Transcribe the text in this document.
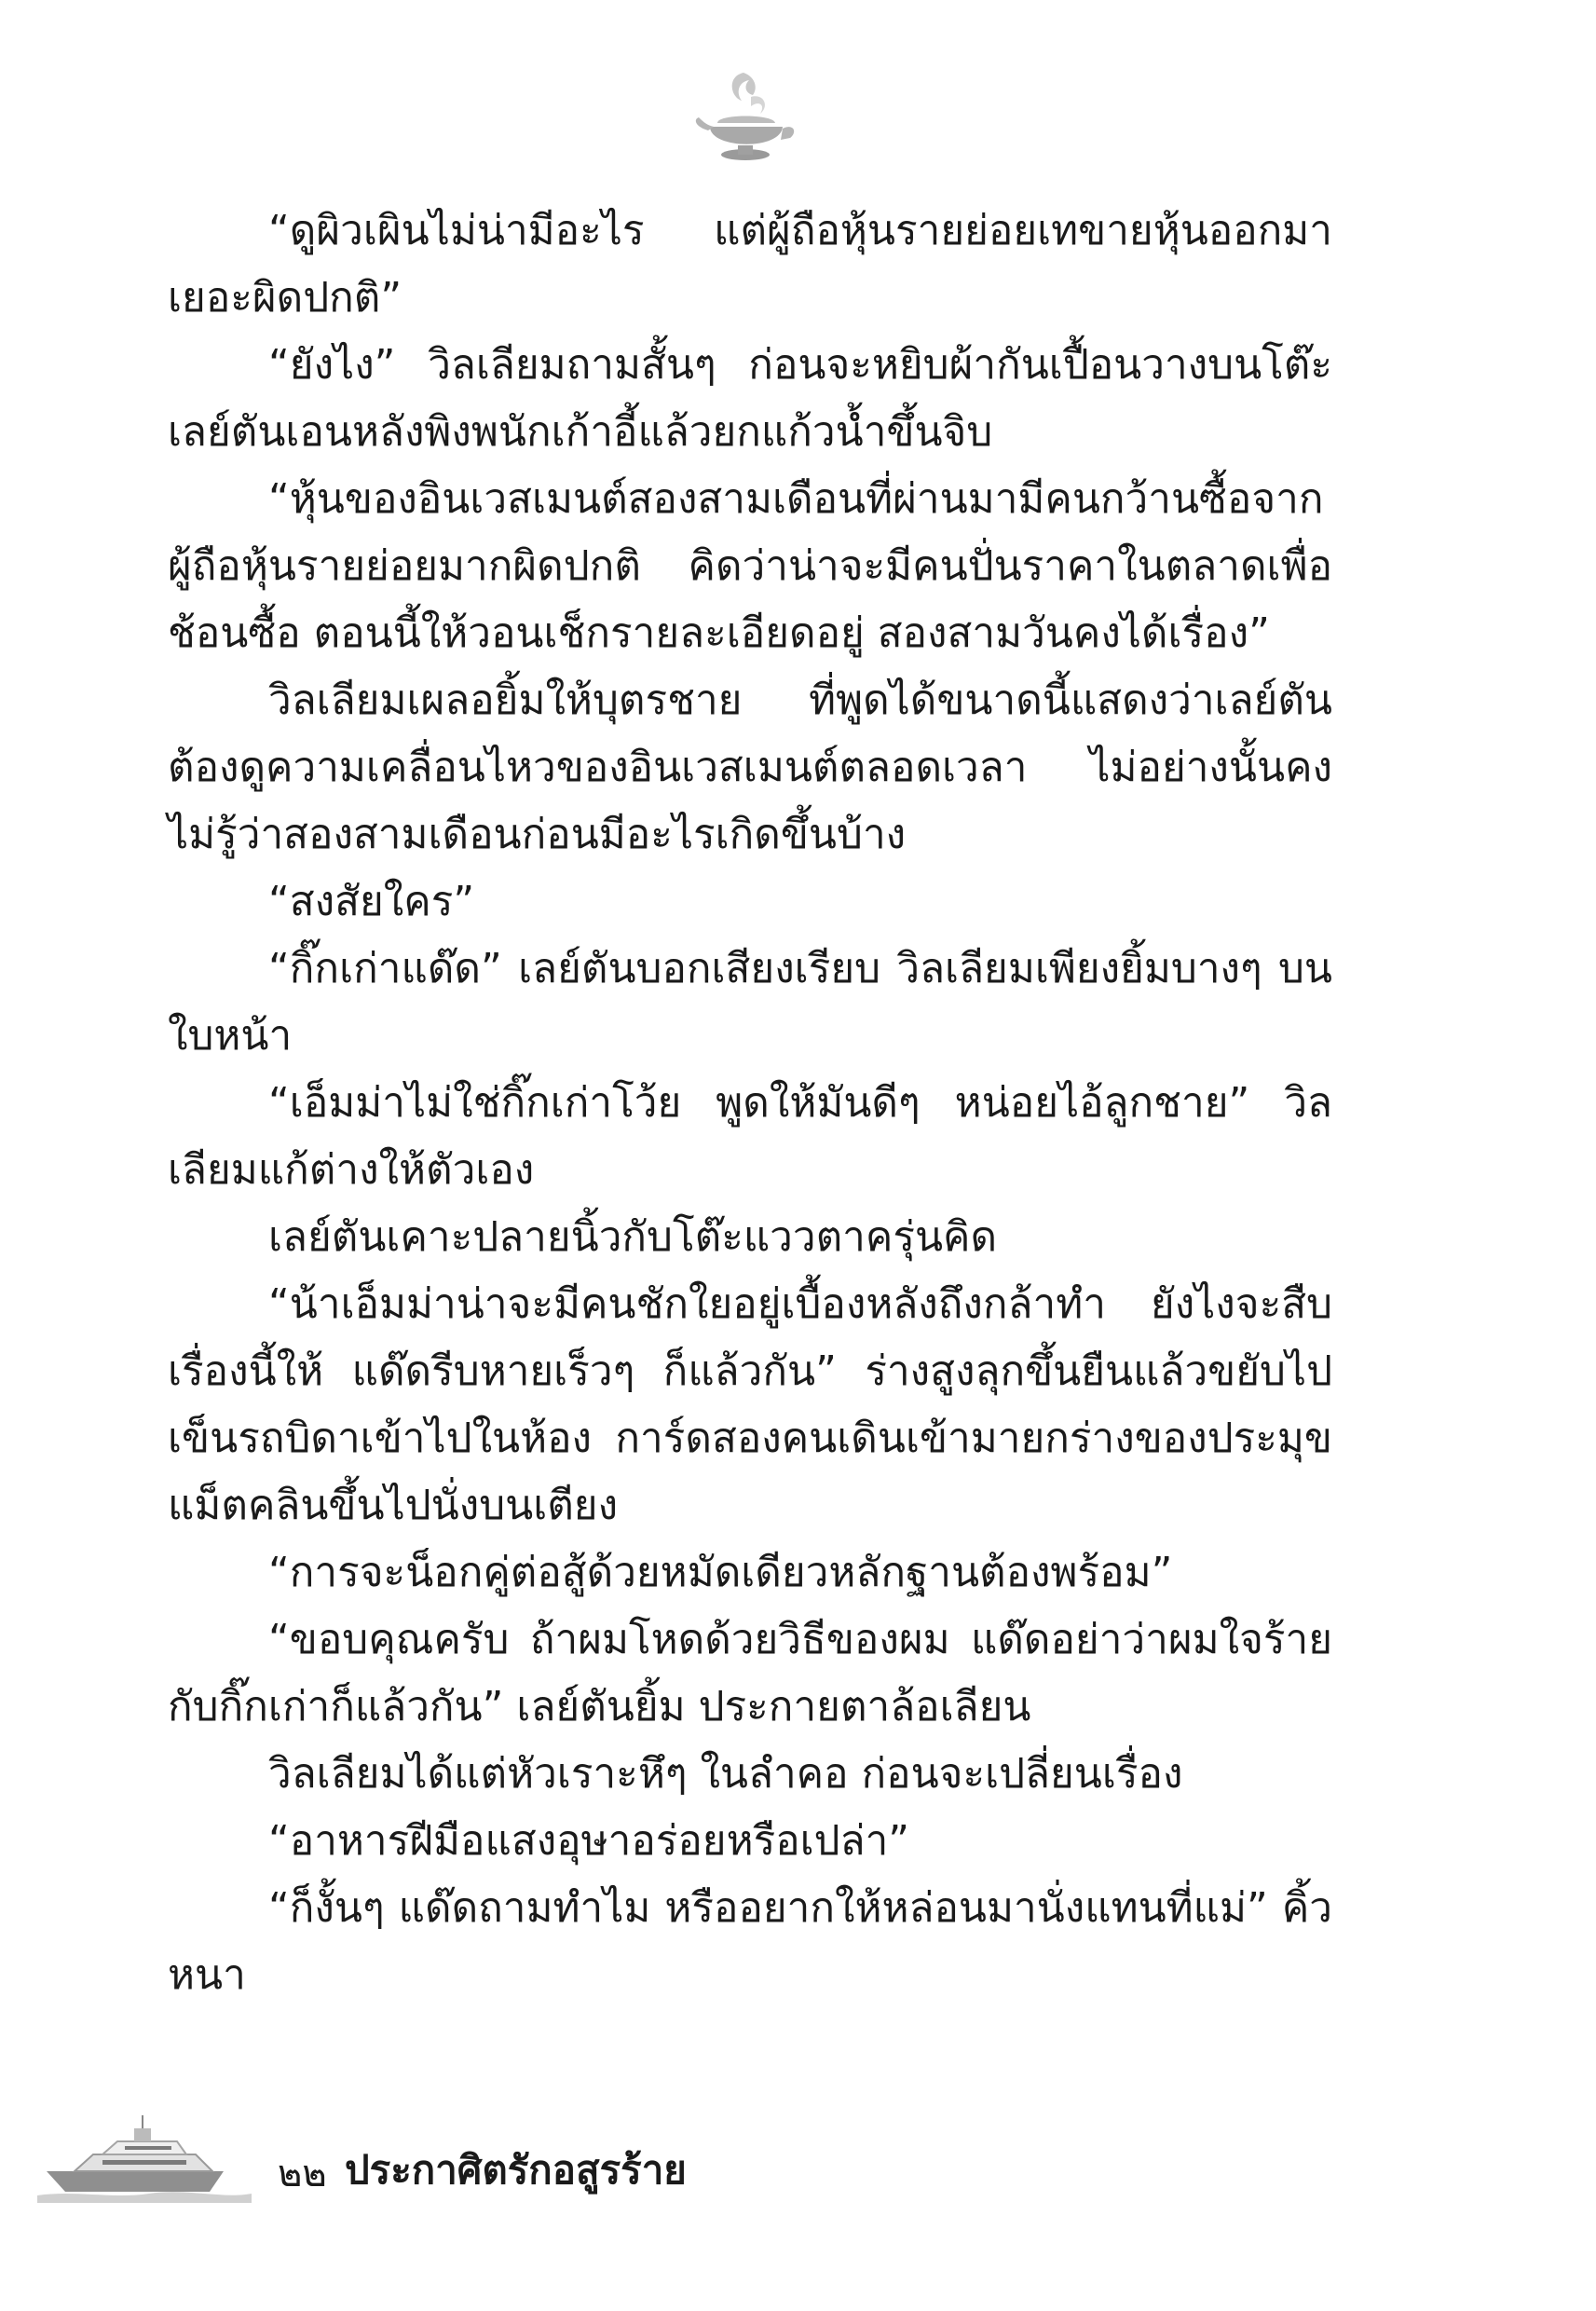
“ดูผิวเผินไม่น่ามีอะไร แต่ผู้ถือหุ้นรายย่อยเทขายหุ้นออกมาเยอะผิดปกติ”

“ยังไง” วิลเลียมถามสั้นๆ ก่อนจะหยิบผ้ากันเปื้อนวางบนโต๊ะ เลย์ตันเอนหลังพิงพนักเก้าอี้แล้วยกแก้วน้ำขึ้นจิบ

“หุ้นของอินเวสเมนต์สองสามเดือนที่ผ่านมามีคนกว้านซื้อจากผู้ถือหุ้นรายย่อยมากผิดปกติ คิดว่าน่าจะมีคนปั่นราคาในตลาดเพื่อช้อนซื้อ ตอนนี้ให้วอนเช็กรายละเอียดอยู่ สองสามวันคงได้เรื่อง”

วิลเลียมเผลอยิ้มให้บุตรชาย ที่พูดได้ขนาดนี้แสดงว่าเลย์ตันต้องดูความเคลื่อนไหวของอินเวสเมนต์ตลอดเวลา ไม่อย่างนั้นคงไม่รู้ว่าสองสามเดือนก่อนมีอะไรเกิดขึ้นบ้าง

“สงสัยใคร”

“กิ๊กเก่าแด๊ด” เลย์ตันบอกเสียงเรียบ วิลเลียมเพียงยิ้มบางๆ บนใบหน้า

“เอ็มม่าไม่ใช่กิ๊กเก่าโว้ย พูดให้มันดีๆ หน่อยไอ้ลูกชาย” วิลเลียมแก้ต่างให้ตัวเอง

เลย์ตันเคาะปลายนิ้วกับโต๊ะแววตาครุ่นคิด

“น้าเอ็มม่าน่าจะมีคนชักใยอยู่เบื้องหลังถึงกล้าทำ ยังไงจะสืบเรื่องนี้ให้ แด๊ดรีบหายเร็วๆ ก็แล้วกัน” ร่างสูงลุกขึ้นยืนแล้วขยับไปเข็นรถบิดาเข้าไปในห้อง การ์ดสองคนเดินเข้ามายกร่างของประมุขแม็ตคลินขึ้นไปนั่งบนเตียง

“การจะน็อกคู่ต่อสู้ด้วยหมัดเดียวหลักฐานต้องพร้อม”

“ขอบคุณครับ ถ้าผมโหดด้วยวิธีของผม แด๊ดอย่าว่าผมใจร้ายกับกิ๊กเก่าก็แล้วกัน” เลย์ตันยิ้ม ประกายตาล้อเลียน

วิลเลียมได้แต่หัวเราะหึๆ ในลำคอ ก่อนจะเปลี่ยนเรื่อง

“อาหารฝีมือแสงอุษาอร่อยหรือเปล่า”

“ก็งั้นๆ แด๊ดถามทำไม หรืออยากให้หล่อนมานั่งแทนที่แม่” คิ้วหนา

๒๒ ประกาศิตรักอสูรร้าย
